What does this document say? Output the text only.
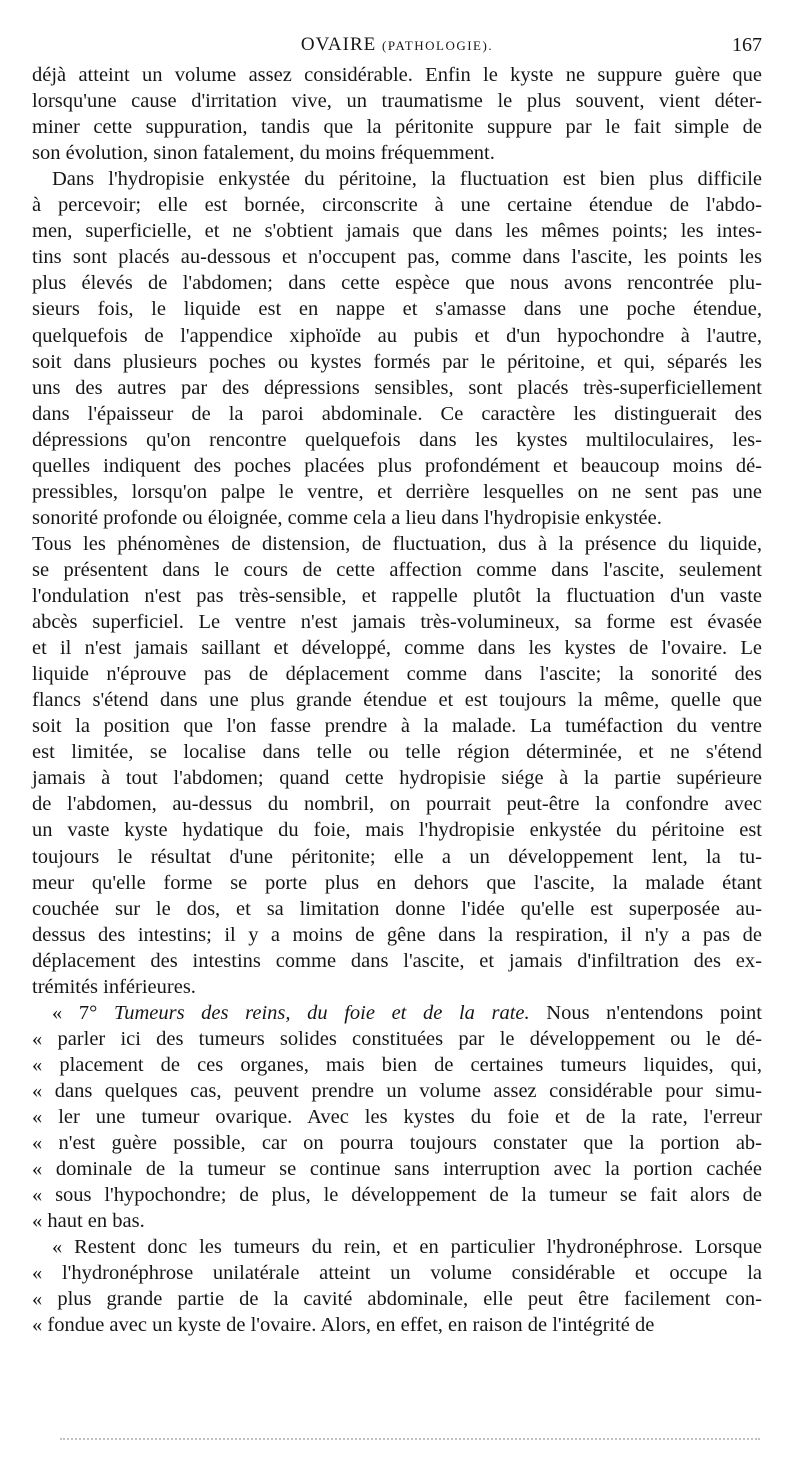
OVAIRE (PATHOLOGIE).	167
déjà atteint un volume assez considérable. Enfin le kyste ne suppure guère que
lorsqu'une cause d'irritation vive, un traumatisme le plus souvent, vient déter-
miner cette suppuration, tandis que la péritonite suppure par le fait simple de
son évolution, sinon fatalement, du moins fréquemment.
Dans l'hydropisie enkystée du péritoine, la fluctuation est bien plus difficile
à percevoir; elle est bornée, circonscrite à une certaine étendue de l'abdo-
men, superficielle, et ne s'obtient jamais que dans les mêmes points; les intes-
tins sont placés au-dessous et n'occupent pas, comme dans l'ascite, les points les
plus élevés de l'abdomen; dans cette espèce que nous avons rencontrée plu-
sieurs fois, le liquide est en nappe et s'amasse dans une poche étendue,
quelquefois de l'appendice xiphoïde au pubis et d'un hypochondre à l'autre,
soit dans plusieurs poches ou kystes formés par le péritoine, et qui, séparés les
uns des autres par des dépressions sensibles, sont placés très-superficiellement
dans l'épaisseur de la paroi abdominale. Ce caractère les distinguerait des
dépressions qu'on rencontre quelquefois dans les kystes multiloculaires, les-
quelles indiquent des poches placées plus profondément et beaucoup moins dé-
pressibles, lorsqu'on palpe le ventre, et derrière lesquelles on ne sent pas une
sonorité profonde ou éloignée, comme cela a lieu dans l'hydropisie enkystée.
Tous les phénomènes de distension, de fluctuation, dus à la présence du liquide,
se présentent dans le cours de cette affection comme dans l'ascite, seulement
l'ondulation n'est pas très-sensible, et rappelle plutôt la fluctuation d'un vaste
abcès superficiel. Le ventre n'est jamais très-volumineux, sa forme est évasée
et il n'est jamais saillant et développé, comme dans les kystes de l'ovaire. Le
liquide n'éprouve pas de déplacement comme dans l'ascite; la sonorité des
flancs s'étend dans une plus grande étendue et est toujours la même, quelle que
soit la position que l'on fasse prendre à la malade. La tuméfaction du ventre
est limitée, se localise dans telle ou telle région déterminée, et ne s'étend
jamais à tout l'abdomen; quand cette hydropisie siége à la partie supérieure
de l'abdomen, au-dessus du nombril, on pourrait peut-être la confondre avec
un vaste kyste hydatique du foie, mais l'hydropisie enkystée du péritoine est
toujours le résultat d'une péritonite; elle a un développement lent, la tu-
meur qu'elle forme se porte plus en dehors que l'ascite, la malade étant
couchée sur le dos, et sa limitation donne l'idée qu'elle est superposée au-
dessus des intestins; il y a moins de gêne dans la respiration, il n'y a pas de
déplacement des intestins comme dans l'ascite, et jamais d'infiltration des ex-
trémités inférieures.
« 7° Tumeurs des reins, du foie et de la rate. Nous n'entendons point
« parler ici des tumeurs solides constituées par le développement ou le dé-
« placement de ces organes, mais bien de certaines tumeurs liquides, qui,
« dans quelques cas, peuvent prendre un volume assez considérable pour simu-
« ler une tumeur ovarique. Avec les kystes du foie et de la rate, l'erreur
« n'est guère possible, car on pourra toujours constater que la portion ab-
« dominale de la tumeur se continue sans interruption avec la portion cachée
« sous l'hypochondre; de plus, le développement de la tumeur se fait alors de
« haut en bas.
« Restent donc les tumeurs du rein, et en particulier l'hydronéphrose. Lorsque
« l'hydronéphrose unilatérale atteint un volume considérable et occupe la
« plus grande partie de la cavité abdominale, elle peut être facilement con-
« fondue avec un kyste de l'ovaire. Alors, en effet, en raison de l'intégrité de
